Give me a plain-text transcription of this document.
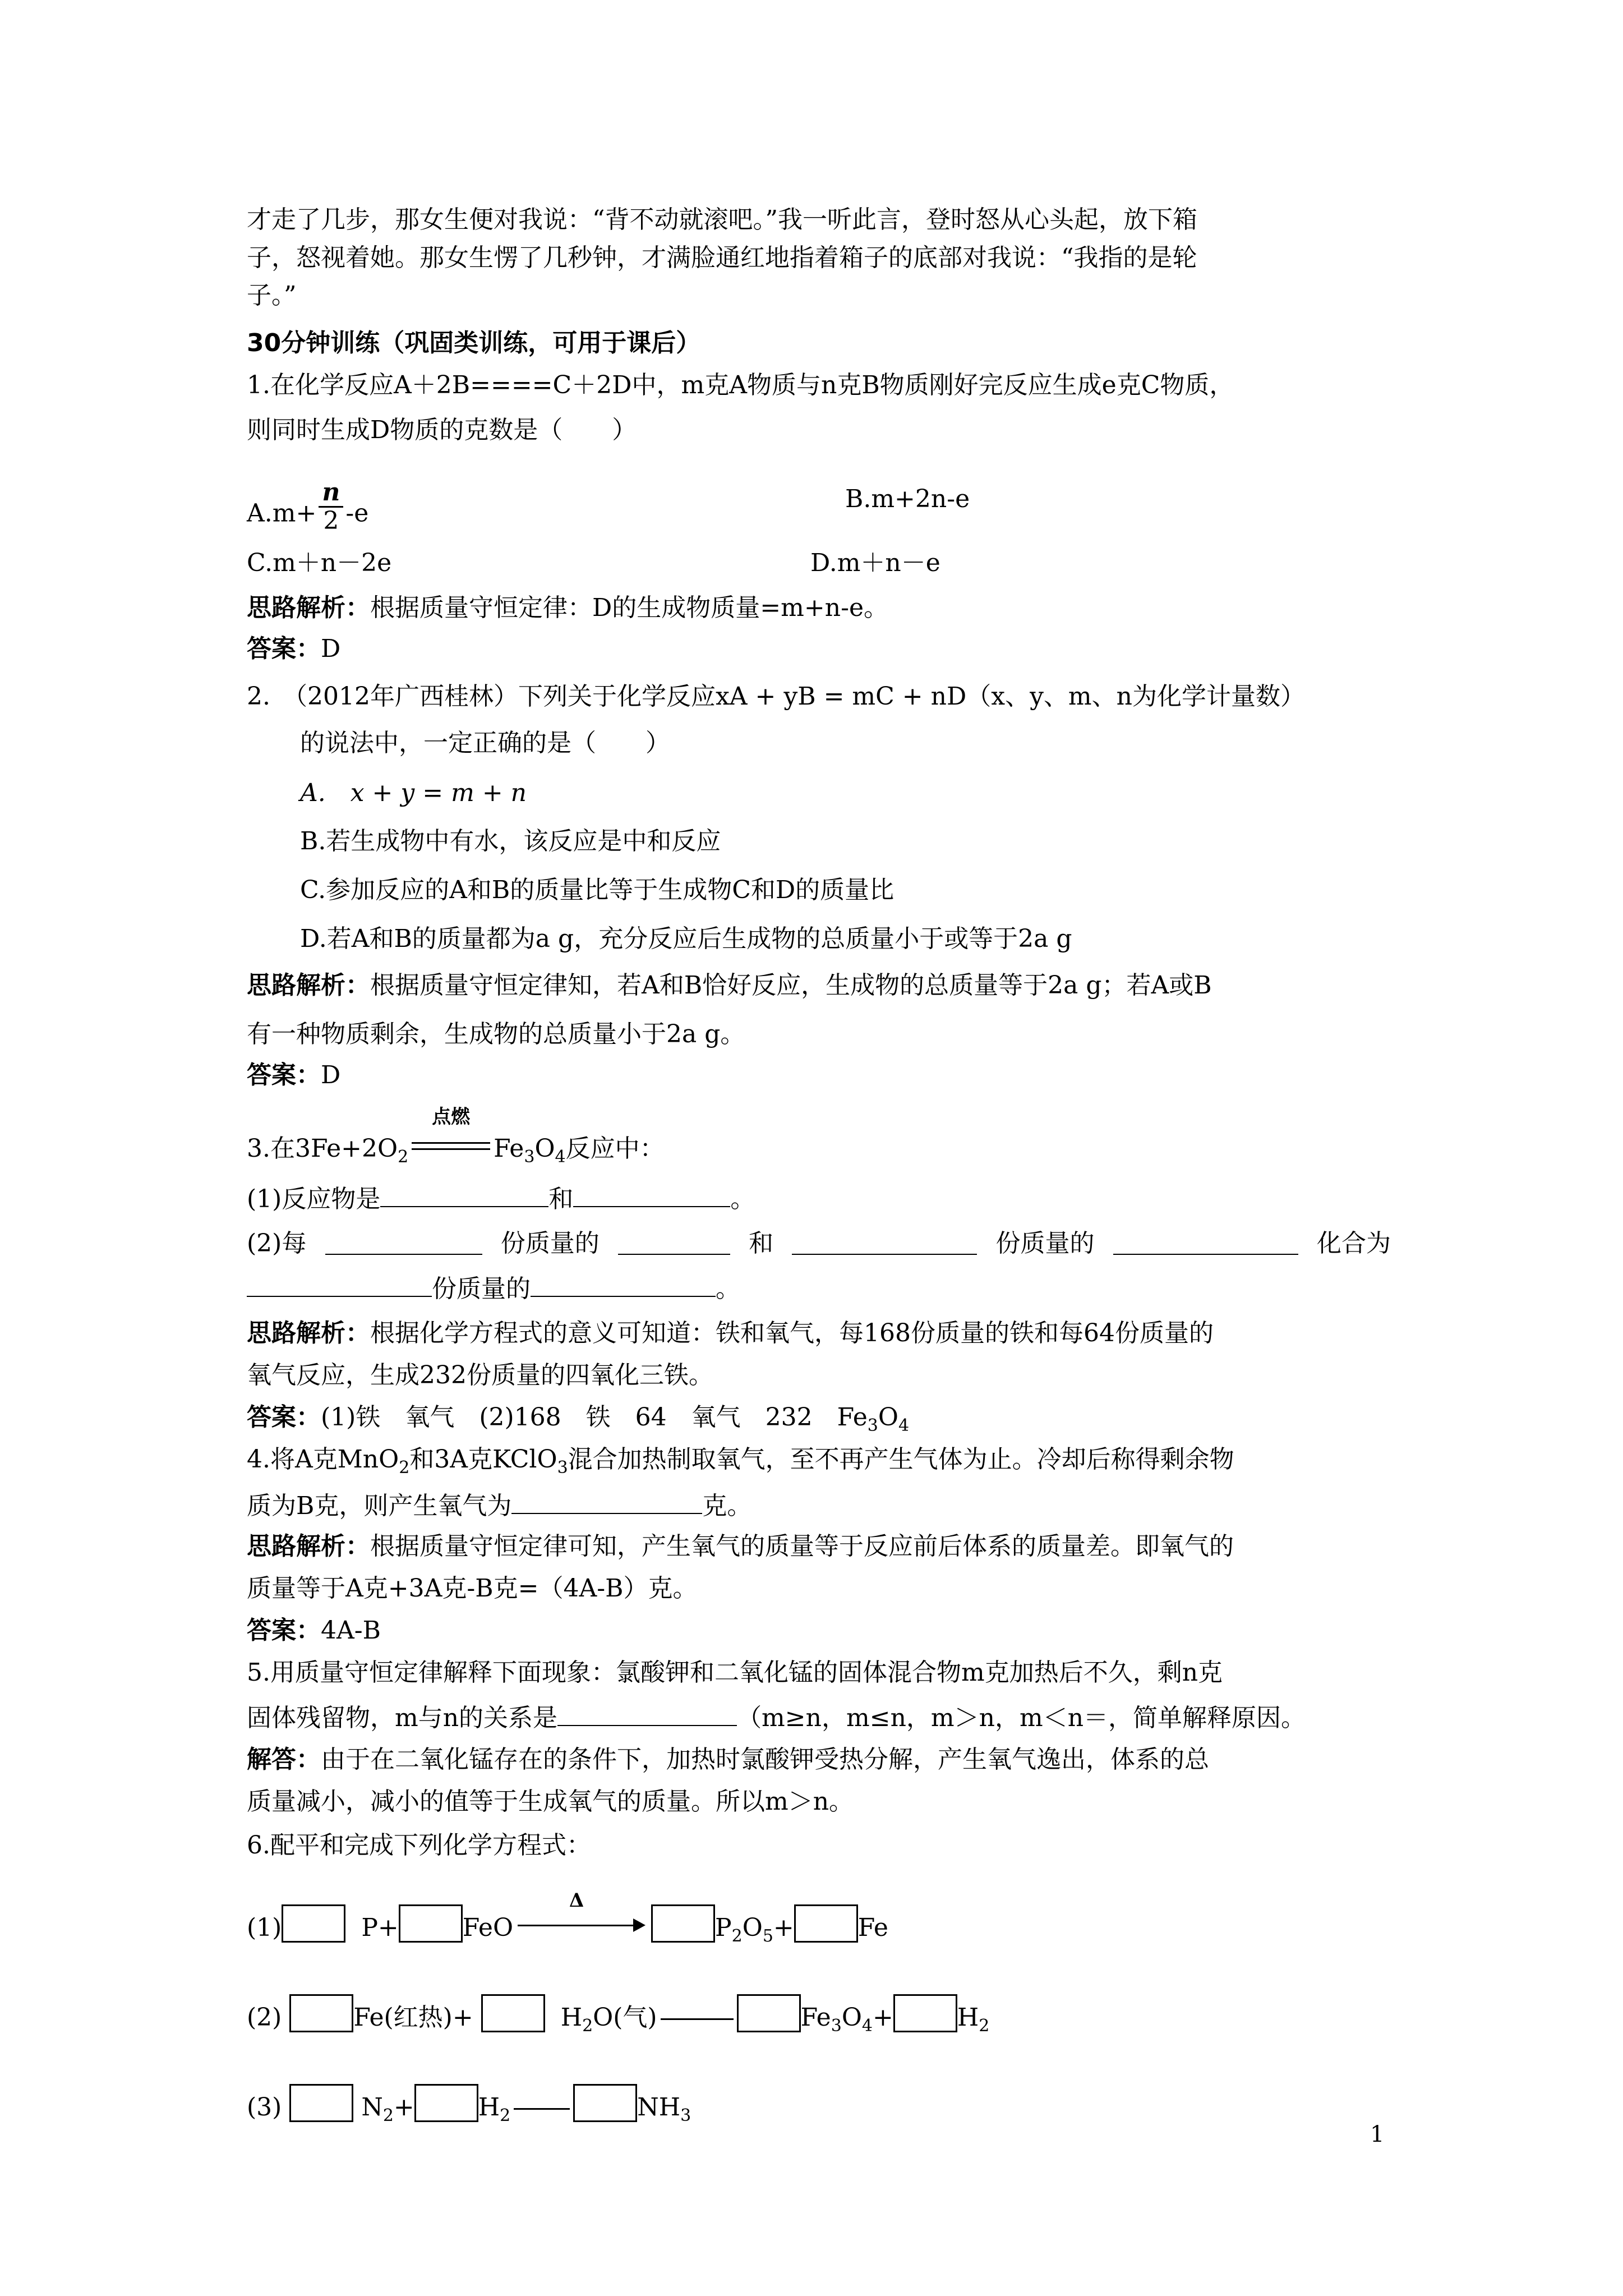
才走了几步，那女生便对我说：“背不动就滚吧。”我一听此言，登时怒从心头起，放下箱
子，怒视着她。那女生愣了几秒钟，才满脸通红地指着箱子的底部对我说：“我指的是轮
子。”
30分钟训练（巩固类训练，可用于课后）
1.在化学反应A＋2B====C＋2D中，m克A物质与n克B物质刚好完反应生成e克C物质，
则同时生成D物质的克数是（　　）
$A.m+ \frac{n}{2} -e$	B.m+2n-e
C.m＋n－2e	D.m＋n－e
思路解析：根据质量守恒定律：D的生成物质量=m+n-e。
答案：D
2.　（2012年广西桂林）下列关于化学反应xA + yB = mC + nD（x、y、m、n为化学计量数）
的说法中，一定正确的是（　　）
A.　x + y = m + n
B.若生成物中有水，该反应是中和反应
C.参加反应的A和B的质量比等于生成物C和D的质量比
D.若A和B的质量都为a g，充分反应后生成物的总质量小于或等于2a g
思路解析：根据质量守恒定律知，若A和B恰好反应，生成物的总质量等于2a g；若A或B
有一种物质剩余，生成物的总质量小于2a g。
答案：D
3.在$3Fe+2O_2$
点燃
$Fe_3O_4$反应中：
(1)反应物是	和	。
(2)每	份质量的	和	份质量的	化合为
份质量的	。
思路解析：根据化学方程式的意义可知道：铁和氧气，每168份质量的铁和每64份质量的
氧气反应，生成232份质量的四氧化三铁。
答案：(1)铁　氧气　(2)168　铁　64　氧气　232　$Fe_3O_4$
4.将A克MnO$_2$和3A克KClO$_3$混合加热制取氧气，至不再产生气体为止。冷却后称得剩余物
质为B克，则产生氧气为	克。
思路解析：根据质量守恒定律可知，产生氧气的质量等于反应前后体系的质量差。即氧气的
质量等于A克+3A克-B克=（4A-B）克。
答案：4A-B
5.用质量守恒定律解释下面现象：氯酸钾和二氧化锰的固体混合物m克加热后不久，剩n克
固体残留物，m与n的关系是	（m≥n，m≤n，m＞n，m＜n＝，简单解释原因。
解答：由于在二氧化锰存在的条件下，加热时氯酸钾受热分解，产生氧气逸出，体系的总
质量减小，减小的值等于生成氧气的质量。所以m＞n。
6.配平和完成下列化学方程式：
(1)	P+	FeO
Δ
$P_2O_5+$	Fe
(2)	Fe(红热)+	$H_2O$(气)	$Fe_3O_4+$	$H_2$
(3)	$N_2+$	$H_2$	$NH_3$
1
